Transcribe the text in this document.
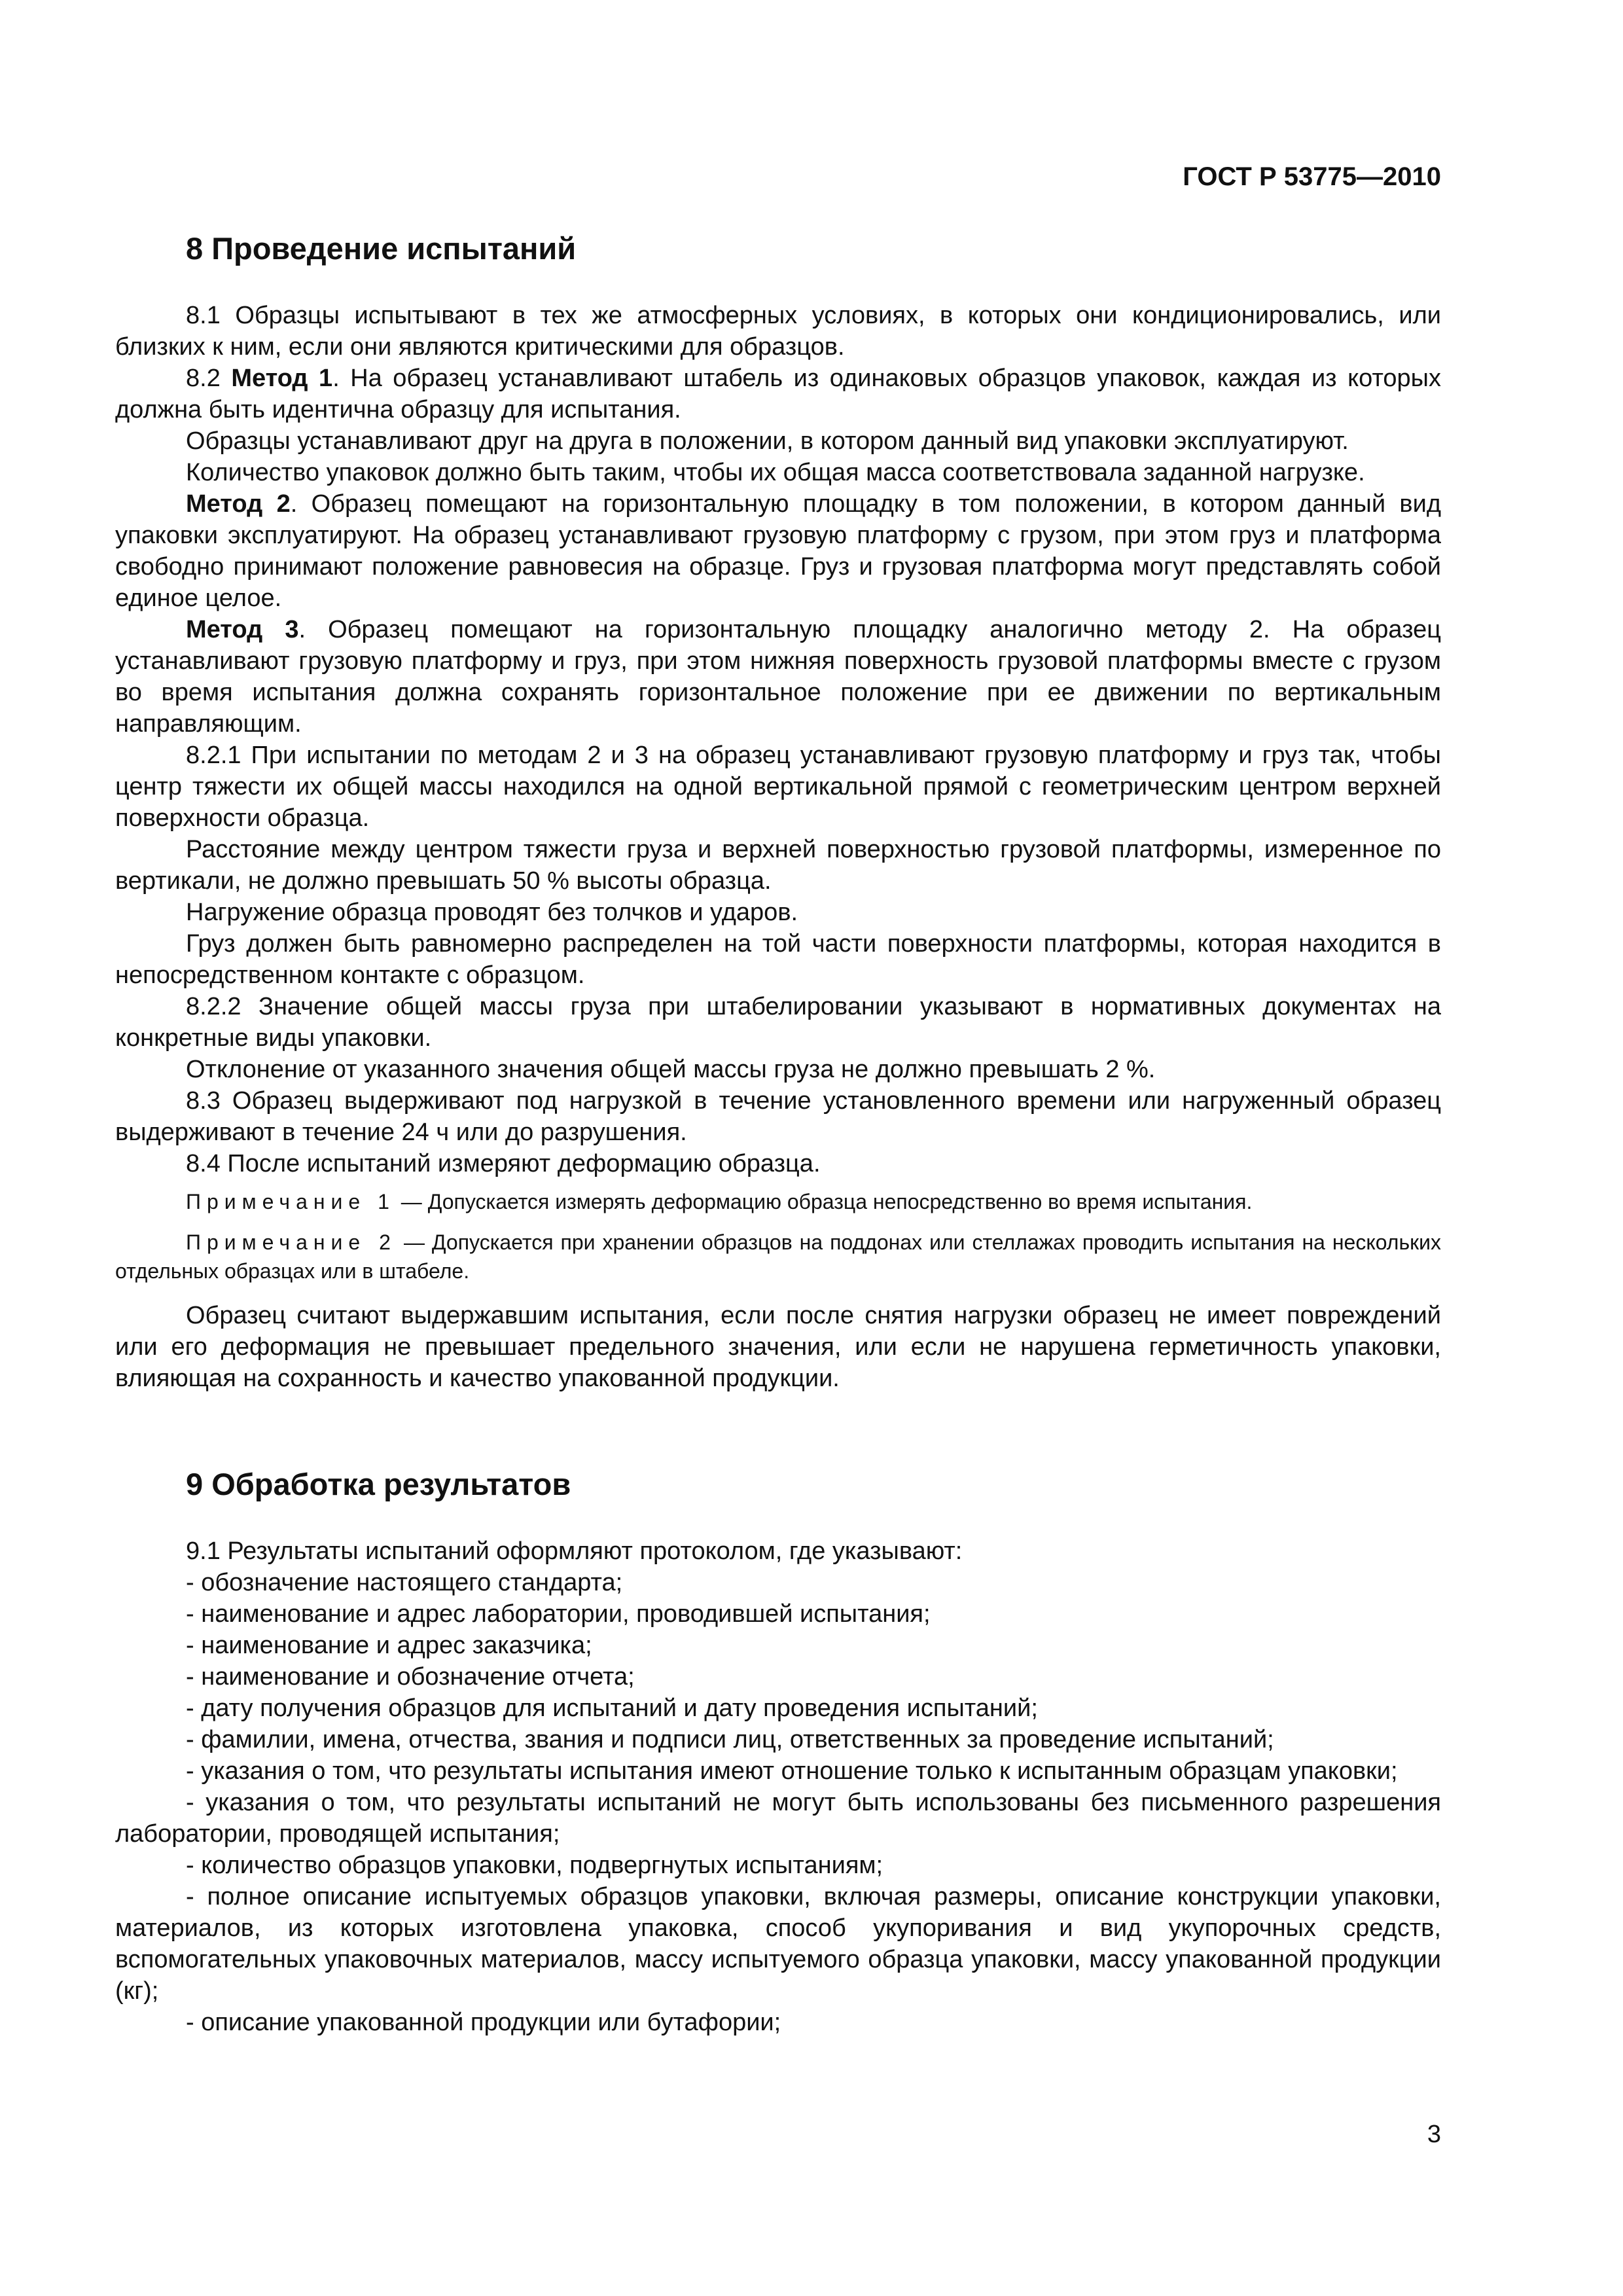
ГОСТ Р 53775—2010
8 Проведение испытаний

8.1 Образцы испытывают в тех же атмосферных условиях, в которых они кондиционировались, или близких к ним, если они являются критическими для образцов.

8.2 Метод 1. На образец устанавливают штабель из одинаковых образцов упаковок, каждая из которых должна быть идентична образцу для испытания.

Образцы устанавливают друг на друга в положении, в котором данный вид упаковки эксплуатируют.

Количество упаковок должно быть таким, чтобы их общая масса соответствовала заданной нагрузке.

Метод 2. Образец помещают на горизонтальную площадку в том положении, в котором данный вид упаковки эксплуатируют. На образец устанавливают грузовую платформу с грузом, при этом груз и платформа свободно принимают положение равновесия на образце. Груз и грузовая платформа могут представлять собой единое целое.

Метод 3. Образец помещают на горизонтальную площадку аналогично методу 2. На образец устанавливают грузовую платформу и груз, при этом нижняя поверхность грузовой платформы вместе с грузом во время испытания должна сохранять горизонтальное положение при ее движении по вертикальным направляющим.

8.2.1 При испытании по методам 2 и 3 на образец устанавливают грузовую платформу и груз так, чтобы центр тяжести их общей массы находился на одной вертикальной прямой с геометрическим центром верхней поверхности образца.

Расстояние между центром тяжести груза и верхней поверхностью грузовой платформы, измеренное по вертикали, не должно превышать 50 % высоты образца.

Нагружение образца проводят без толчков и ударов.

Груз должен быть равномерно распределен на той части поверхности платформы, которая находится в непосредственном контакте с образцом.

8.2.2 Значение общей массы груза при штабелировании указывают в нормативных документах на конкретные виды упаковки.

Отклонение от указанного значения общей массы груза не должно превышать 2 %.

8.3 Образец выдерживают под нагрузкой в течение установленного времени или нагруженный образец выдерживают в течение 24 ч или до разрушения.

8.4 После испытаний измеряют деформацию образца.

Примечание 1 — Допускается измерять деформацию образца непосредственно во время испытания.

Примечание 2 — Допускается при хранении образцов на поддонах или стеллажах проводить испытания на нескольких отдельных образцах или в штабеле.

Образец считают выдержавшим испытания, если после снятия нагрузки образец не имеет повреждений или его деформация не превышает предельного значения, или если не нарушена герметичность упаковки, влияющая на сохранность и качество упакованной продукции.

9 Обработка результатов

9.1 Результаты испытаний оформляют протоколом, где указывают:

- обозначение настоящего стандарта;

- наименование и адрес лаборатории, проводившей испытания;

- наименование и адрес заказчика;

- наименование и обозначение отчета;

- дату получения образцов для испытаний и дату проведения испытаний;

- фамилии, имена, отчества, звания и подписи лиц, ответственных за проведение испытаний;

- указания о том, что результаты испытания имеют отношение только к испытанным образцам упаковки;

- указания о том, что результаты испытаний не могут быть использованы без письменного разрешения лаборатории, проводящей испытания;

- количество образцов упаковки, подвергнутых испытаниям;

- полное описание испытуемых образцов упаковки, включая размеры, описание конструкции упаковки, материалов, из которых изготовлена упаковка, способ укупоривания и вид укупорочных средств, вспомогательных упаковочных материалов, массу испытуемого образца упаковки, массу упакованной продукции (кг);

- описание упакованной продукции или бутафории;

3
